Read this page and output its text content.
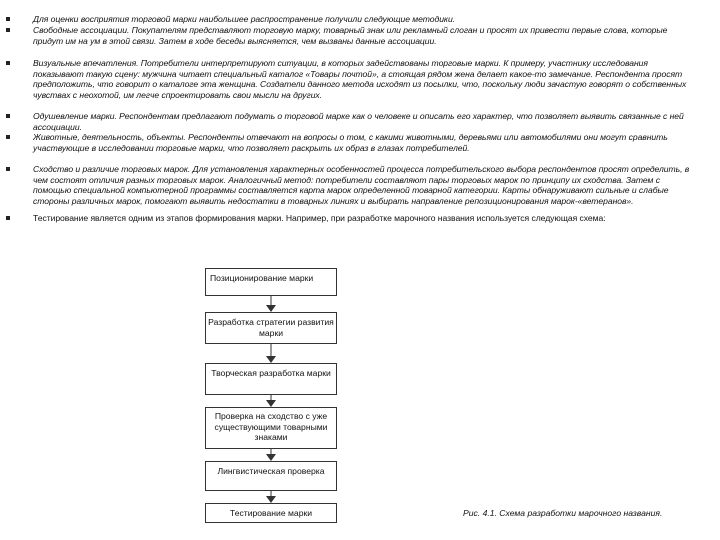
Для оценки восприятия торговой марки наибольшее распространение получили следующие методики.
Свободные ассоциации. Покупателям представляют торговую марку, товарный знак или рекламный слоган и просят их привести первые слова, которые придут им на ум в этой связи. Затем в ходе беседы выясняется, чем вызваны данные ассоциации.
Визуальные впечатления. Потребители интерпретируют ситуации, в которых задействованы торговые марки. К примеру, участнику исследования показывают такую сцену: мужчина читает специальный каталог «Товары почтой», а стоящая рядом жена делает какое-то замечание. Респондента просят предположить, что говорит о каталоге эта женщина. Создатели данного метода исходят из посылки, что, поскольку люди зачастую говорят о собственных чувствах с неохотой, им легче спроектировать свои мысли на других.
Одушевление марки. Респондентам предлагают подумать о торговой марке как о человеке и описать его характер, что позволяет выявить связанные с ней ассоциации.
Животные, деятельность, объекты. Респонденты отвечают на вопросы о том, с какими животными, деревьями или автомобилями они могут сравнить участвующие в исследовании торговые марки, что позволяет раскрыть их образ в глазах потребителей.
Сходство и различие торговых марок. Для установления характерных особенностей процесса потребительского выбора респондентов просят определить, в чем состоят отличия разных торговых марок. Аналогичный метод: потребители составляют пары торговых марок по принципу их сходства. Затем с помощью специальной компьютерной программы составляется карта марок определенной товарной категории. Карты обнаруживают сильные и слабые стороны различных марок, помогают выявить недостатки в товарных линиях и выбирать направление репозиционирования марок-«ветеранов».
Тестирование является одним из этапов формирования марки. Например, при разработке марочного названия используется следующая схема:
Позиционирование марки
Разработка стратегии развития марки
Творческая разработка марки
Проверка на сходство с уже существующими товарными знаками
Лингвистическая проверка
Тестирование марки	Рис. 4.1. Схема разработки марочного названия.
